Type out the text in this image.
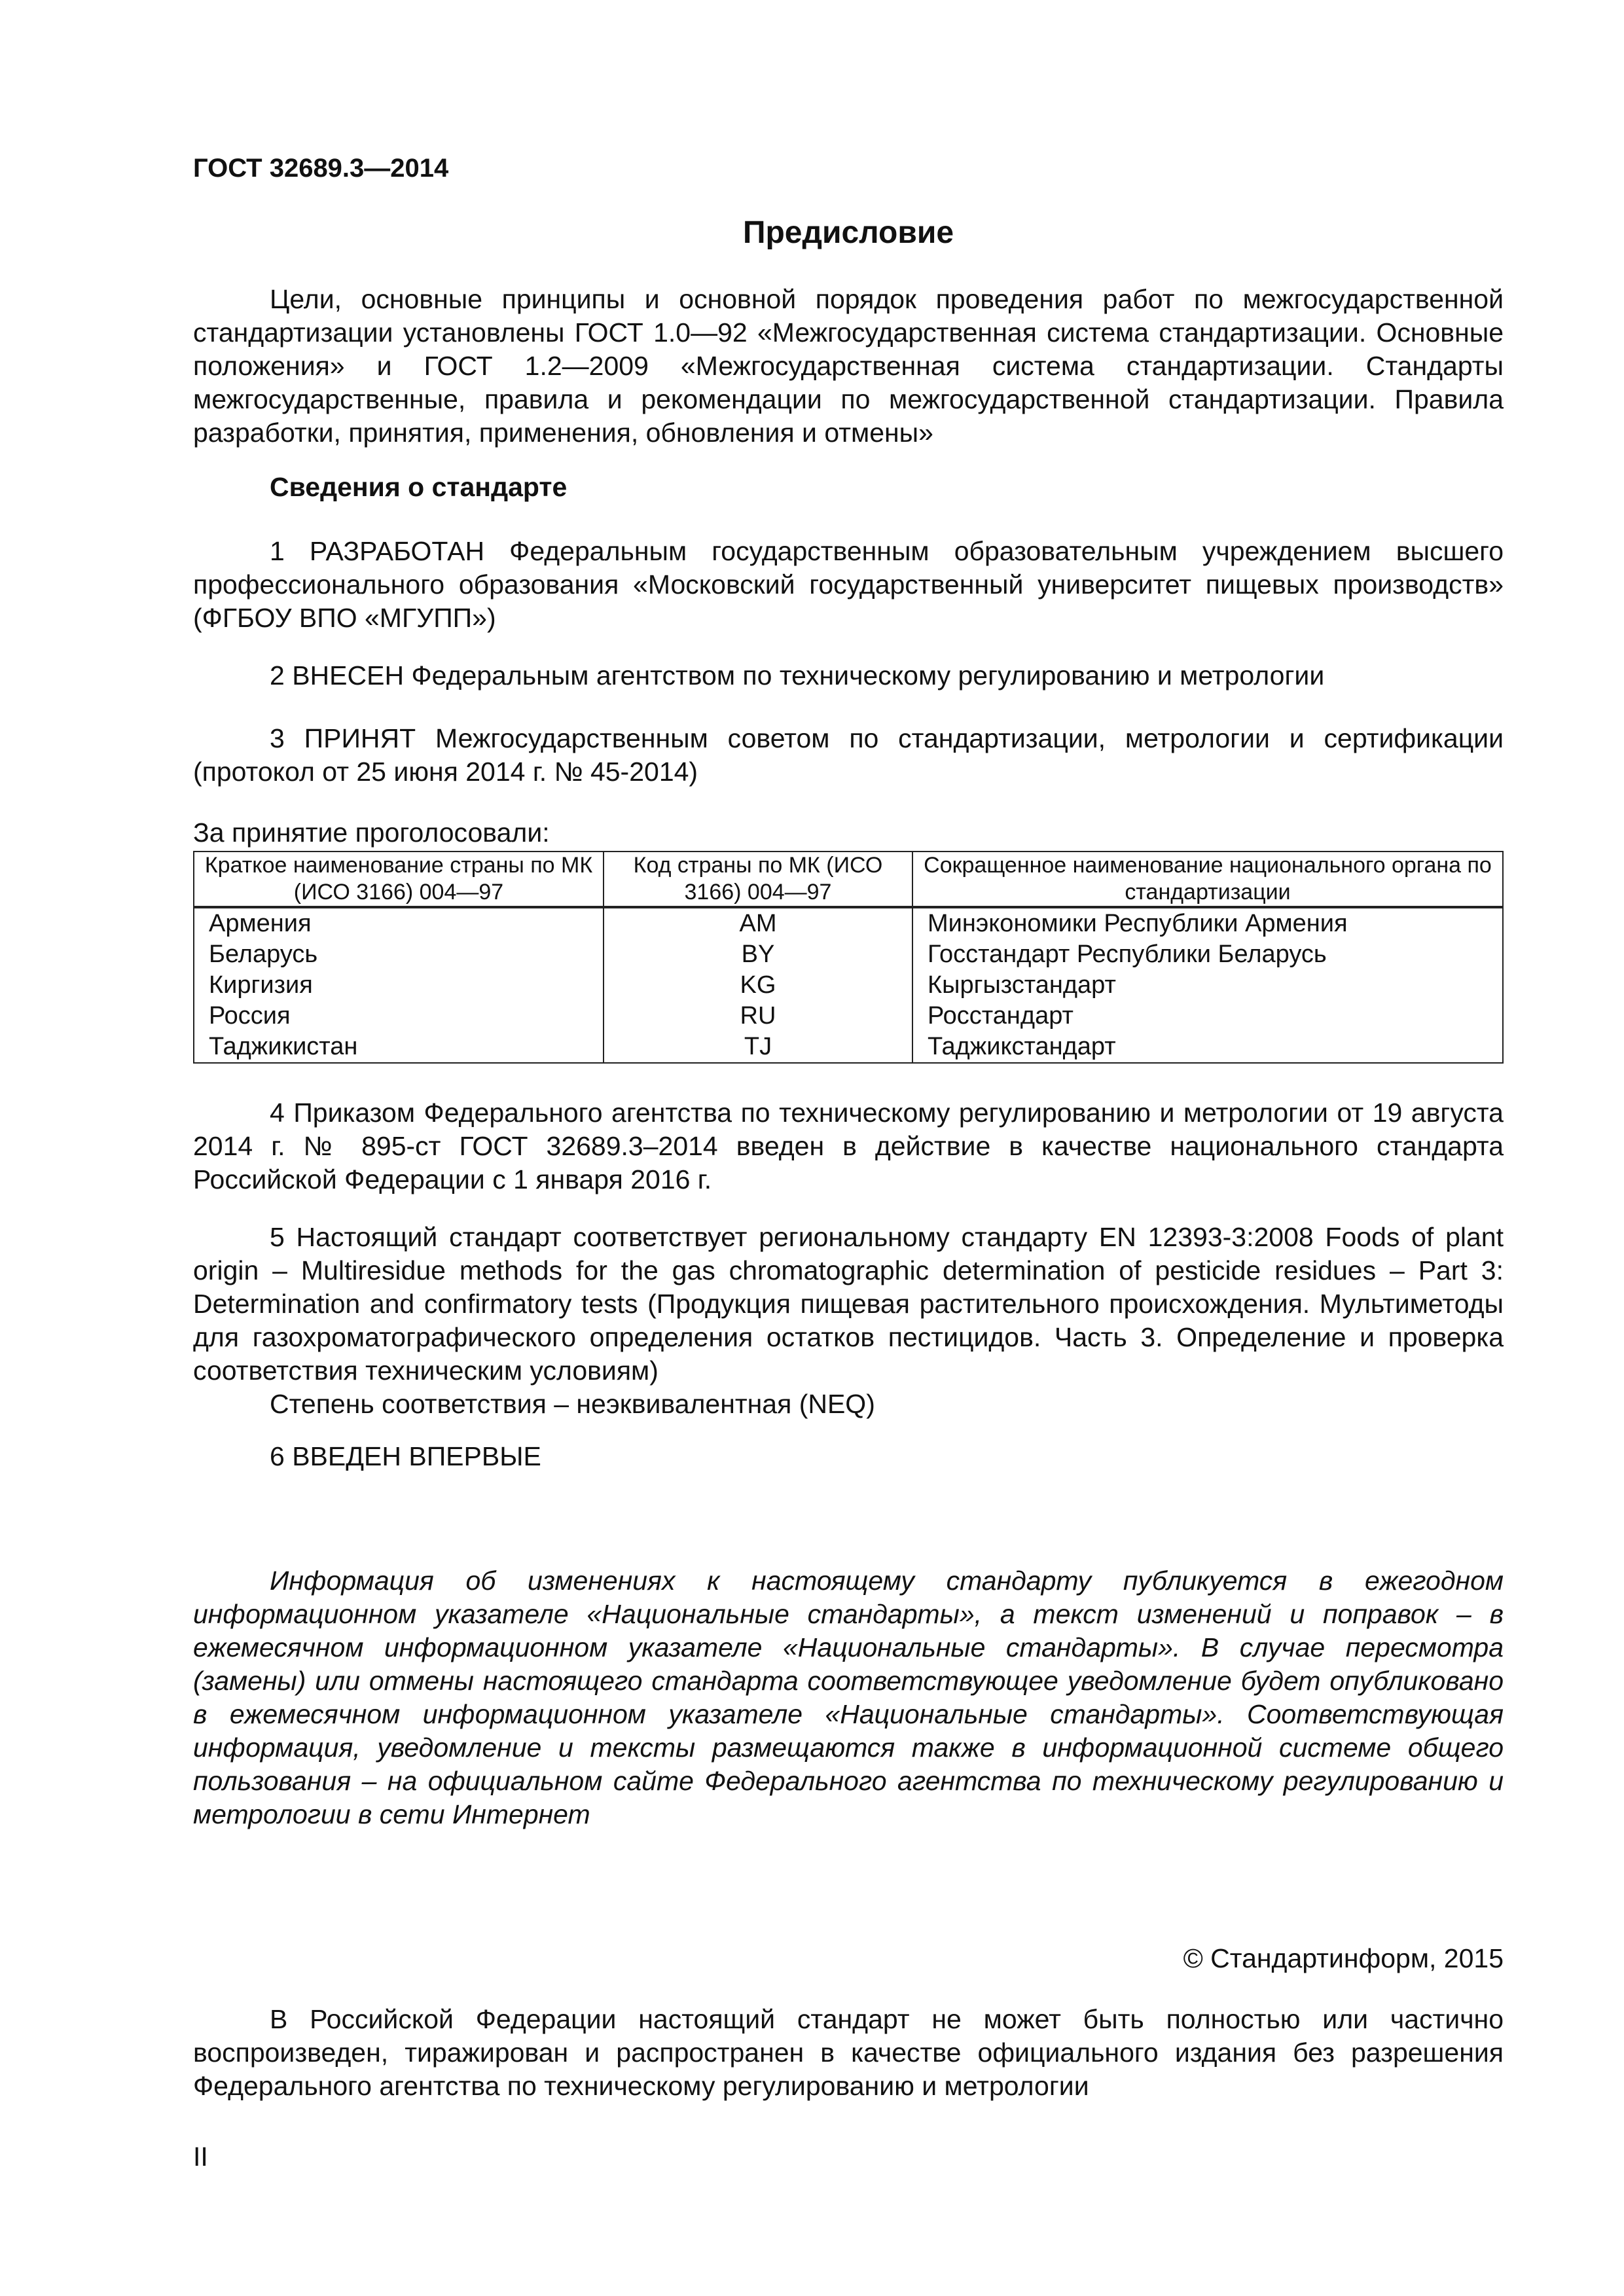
ГОСТ 32689.3—2014
Предисловие

Цели, основные принципы и основной порядок проведения работ по межгосударственной стандартизации установлены ГОСТ 1.0—92 «Межгосударственная система стандартизации. Основные положения» и ГОСТ 1.2—2009 «Межгосударственная система стандартизации. Стандарты межгосударственные, правила и рекомендации по межгосударственной стандартизации. Правила разработки, принятия, применения, обновления и отмены»

Сведения о стандарте

1 РАЗРАБОТАН Федеральным государственным образовательным учреждением высшего профессионального образования «Московский государственный университет пищевых производств» (ФГБОУ ВПО «МГУПП»)

2 ВНЕСЕН Федеральным агентством по техническому регулированию и метрологии

3 ПРИНЯТ Межгосударственным советом по стандартизации, метрологии и сертификации (протокол от 25 июня 2014 г. № 45-2014)

За принятие проголосовали:

Краткое наименование страны по МК (ИСО 3166) 004—97	Код страны по МК (ИСО 3166) 004—97	Сокращенное наименование национального органа по стандартизации
Армения	AM	Минэкономики Республики Армения
Беларусь	BY	Госстандарт Республики Беларусь
Киргизия	KG	Кыргызстандарт
Россия	RU	Росстандарт
Таджикистан	TJ	Таджикстандарт

4 Приказом Федерального агентства по техническому регулированию и метрологии от 19 августа 2014 г. № 895-ст ГОСТ 32689.3–2014 введен в действие в качестве национального стандарта Российской Федерации с 1 января 2016 г.

5 Настоящий стандарт соответствует региональному стандарту EN 12393-3:2008 Foods of plant origin – Multiresidue methods for the gas chromatographic determination of pesticide residues – Part 3: Determination and confirmatory tests (Продукция пищевая растительного происхождения. Мультиметоды для газохроматографического определения остатков пестицидов. Часть 3. Определение и проверка соответствия техническим условиям)

Степень соответствия – неэквивалентная (NEQ)

6 ВВЕДЕН ВПЕРВЫЕ

Информация об изменениях к настоящему стандарту публикуется в ежегодном информационном указателе «Национальные стандарты», а текст изменений и поправок – в ежемесячном информационном указателе «Национальные стандарты». В случае пересмотра (замены) или отмены настоящего стандарта соответствующее уведомление будет опубликовано в ежемесячном информационном указателе «Национальные стандарты». Соответствующая информация, уведомление и тексты размещаются также в информационной системе общего пользования – на официальном сайте Федерального агентства по техническому регулированию и метрологии в сети Интернет

© Стандартинформ, 2015

В Российской Федерации настоящий стандарт не может быть полностью или частично воспроизведен, тиражирован и распространен в качестве официального издания без разрешения Федерального агентства по техническому регулированию и метрологии

II
